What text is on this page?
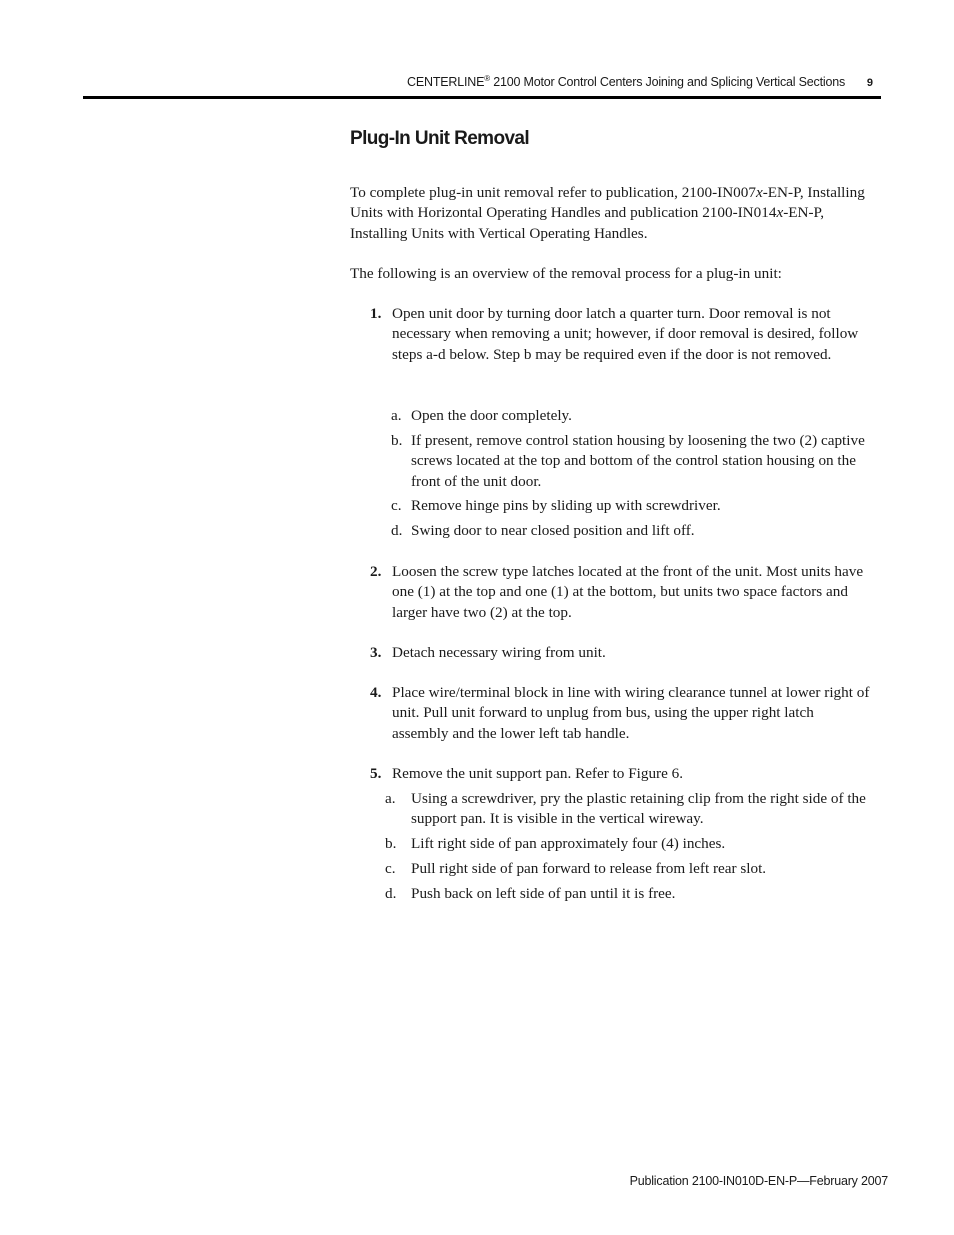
CENTERLINE® 2100 Motor Control Centers Joining and Splicing Vertical Sections 9
Plug-In Unit Removal
To complete plug-in unit removal refer to publication, 2100-IN007x-EN-P, Installing Units with Horizontal Operating Handles and publication 2100-IN014x-EN-P, Installing Units with Vertical Operating Handles.
The following is an overview of the removal process for a plug-in unit:
1. Open unit door by turning door latch a quarter turn. Door removal is not necessary when removing a unit; however, if door removal is desired, follow steps a-d below. Step b may be required even if the door is not removed.
a. Open the door completely.
b. If present, remove control station housing by loosening the two (2) captive screws located at the top and bottom of the control station housing on the front of the unit door.
c. Remove hinge pins by sliding up with screwdriver.
d. Swing door to near closed position and lift off.
2. Loosen the screw type latches located at the front of the unit. Most units have one (1) at the top and one (1) at the bottom, but units two space factors and larger have two (2) at the top.
3. Detach necessary wiring from unit.
4. Place wire/terminal block in line with wiring clearance tunnel at lower right of unit. Pull unit forward to unplug from bus, using the upper right latch assembly and the lower left tab handle.
5. Remove the unit support pan. Refer to Figure 6.
a.	Using a screwdriver, pry the plastic retaining clip from the right side of the support pan. It is visible in the vertical wireway.
b. Lift right side of pan approximately four (4) inches.
c.	Pull right side of pan forward to release from left rear slot.
d. Push back on left side of pan until it is free.
Publication 2100-IN010D-EN-P—February 2007
